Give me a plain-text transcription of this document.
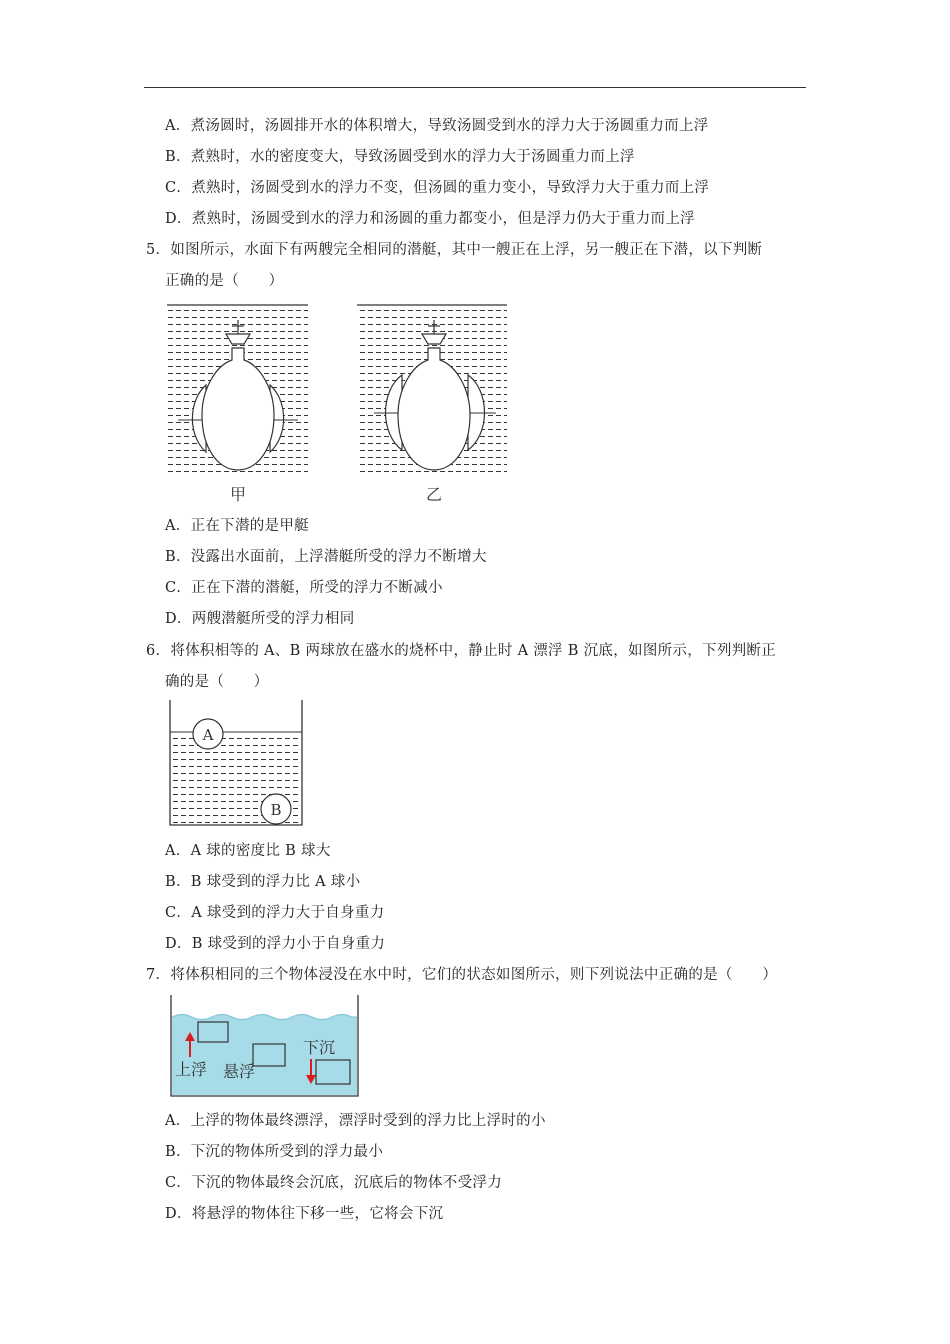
A．煮汤圆时，汤圆排开水的体积增大，导致汤圆受到水的浮力大于汤圆重力而上浮
B．煮熟时，水的密度变大，导致汤圆受到水的浮力大于汤圆重力而上浮
C．煮熟时，汤圆受到水的浮力不变，但汤圆的重力变小，导致浮力大于重力而上浮
D．煮熟时，汤圆受到水的浮力和汤圆的重力都变小，但是浮力仍大于重力而上浮
5．如图所示，水面下有两艘完全相同的潜艇，其中一艘正在上浮，另一艘正在下潜，以下判断
正确的是（　　）
甲	乙
A．正在下潜的是甲艇
B．没露出水面前，上浮潜艇所受的浮力不断增大
C．正在下潜的潜艇，所受的浮力不断减小
D．两艘潜艇所受的浮力相同
6．将体积相等的 A、B 两球放在盛水的烧杯中，静止时 A 漂浮 B 沉底，如图所示，下列判断正
确的是（　　）
A
B
A．A 球的密度比 B 球大
B．B 球受到的浮力比 A 球小
C．A 球受到的浮力大于自身重力
D．B 球受到的浮力小于自身重力
7．将体积相同的三个物体浸没在水中时，它们的状态如图所示，则下列说法中正确的是（　　）
上浮 悬浮
下沉
A．上浮的物体最终漂浮，漂浮时受到的浮力比上浮时的小
B．下沉的物体所受到的浮力最小
C．下沉的物体最终会沉底，沉底后的物体不受浮力
D．将悬浮的物体往下移一些，它将会下沉
